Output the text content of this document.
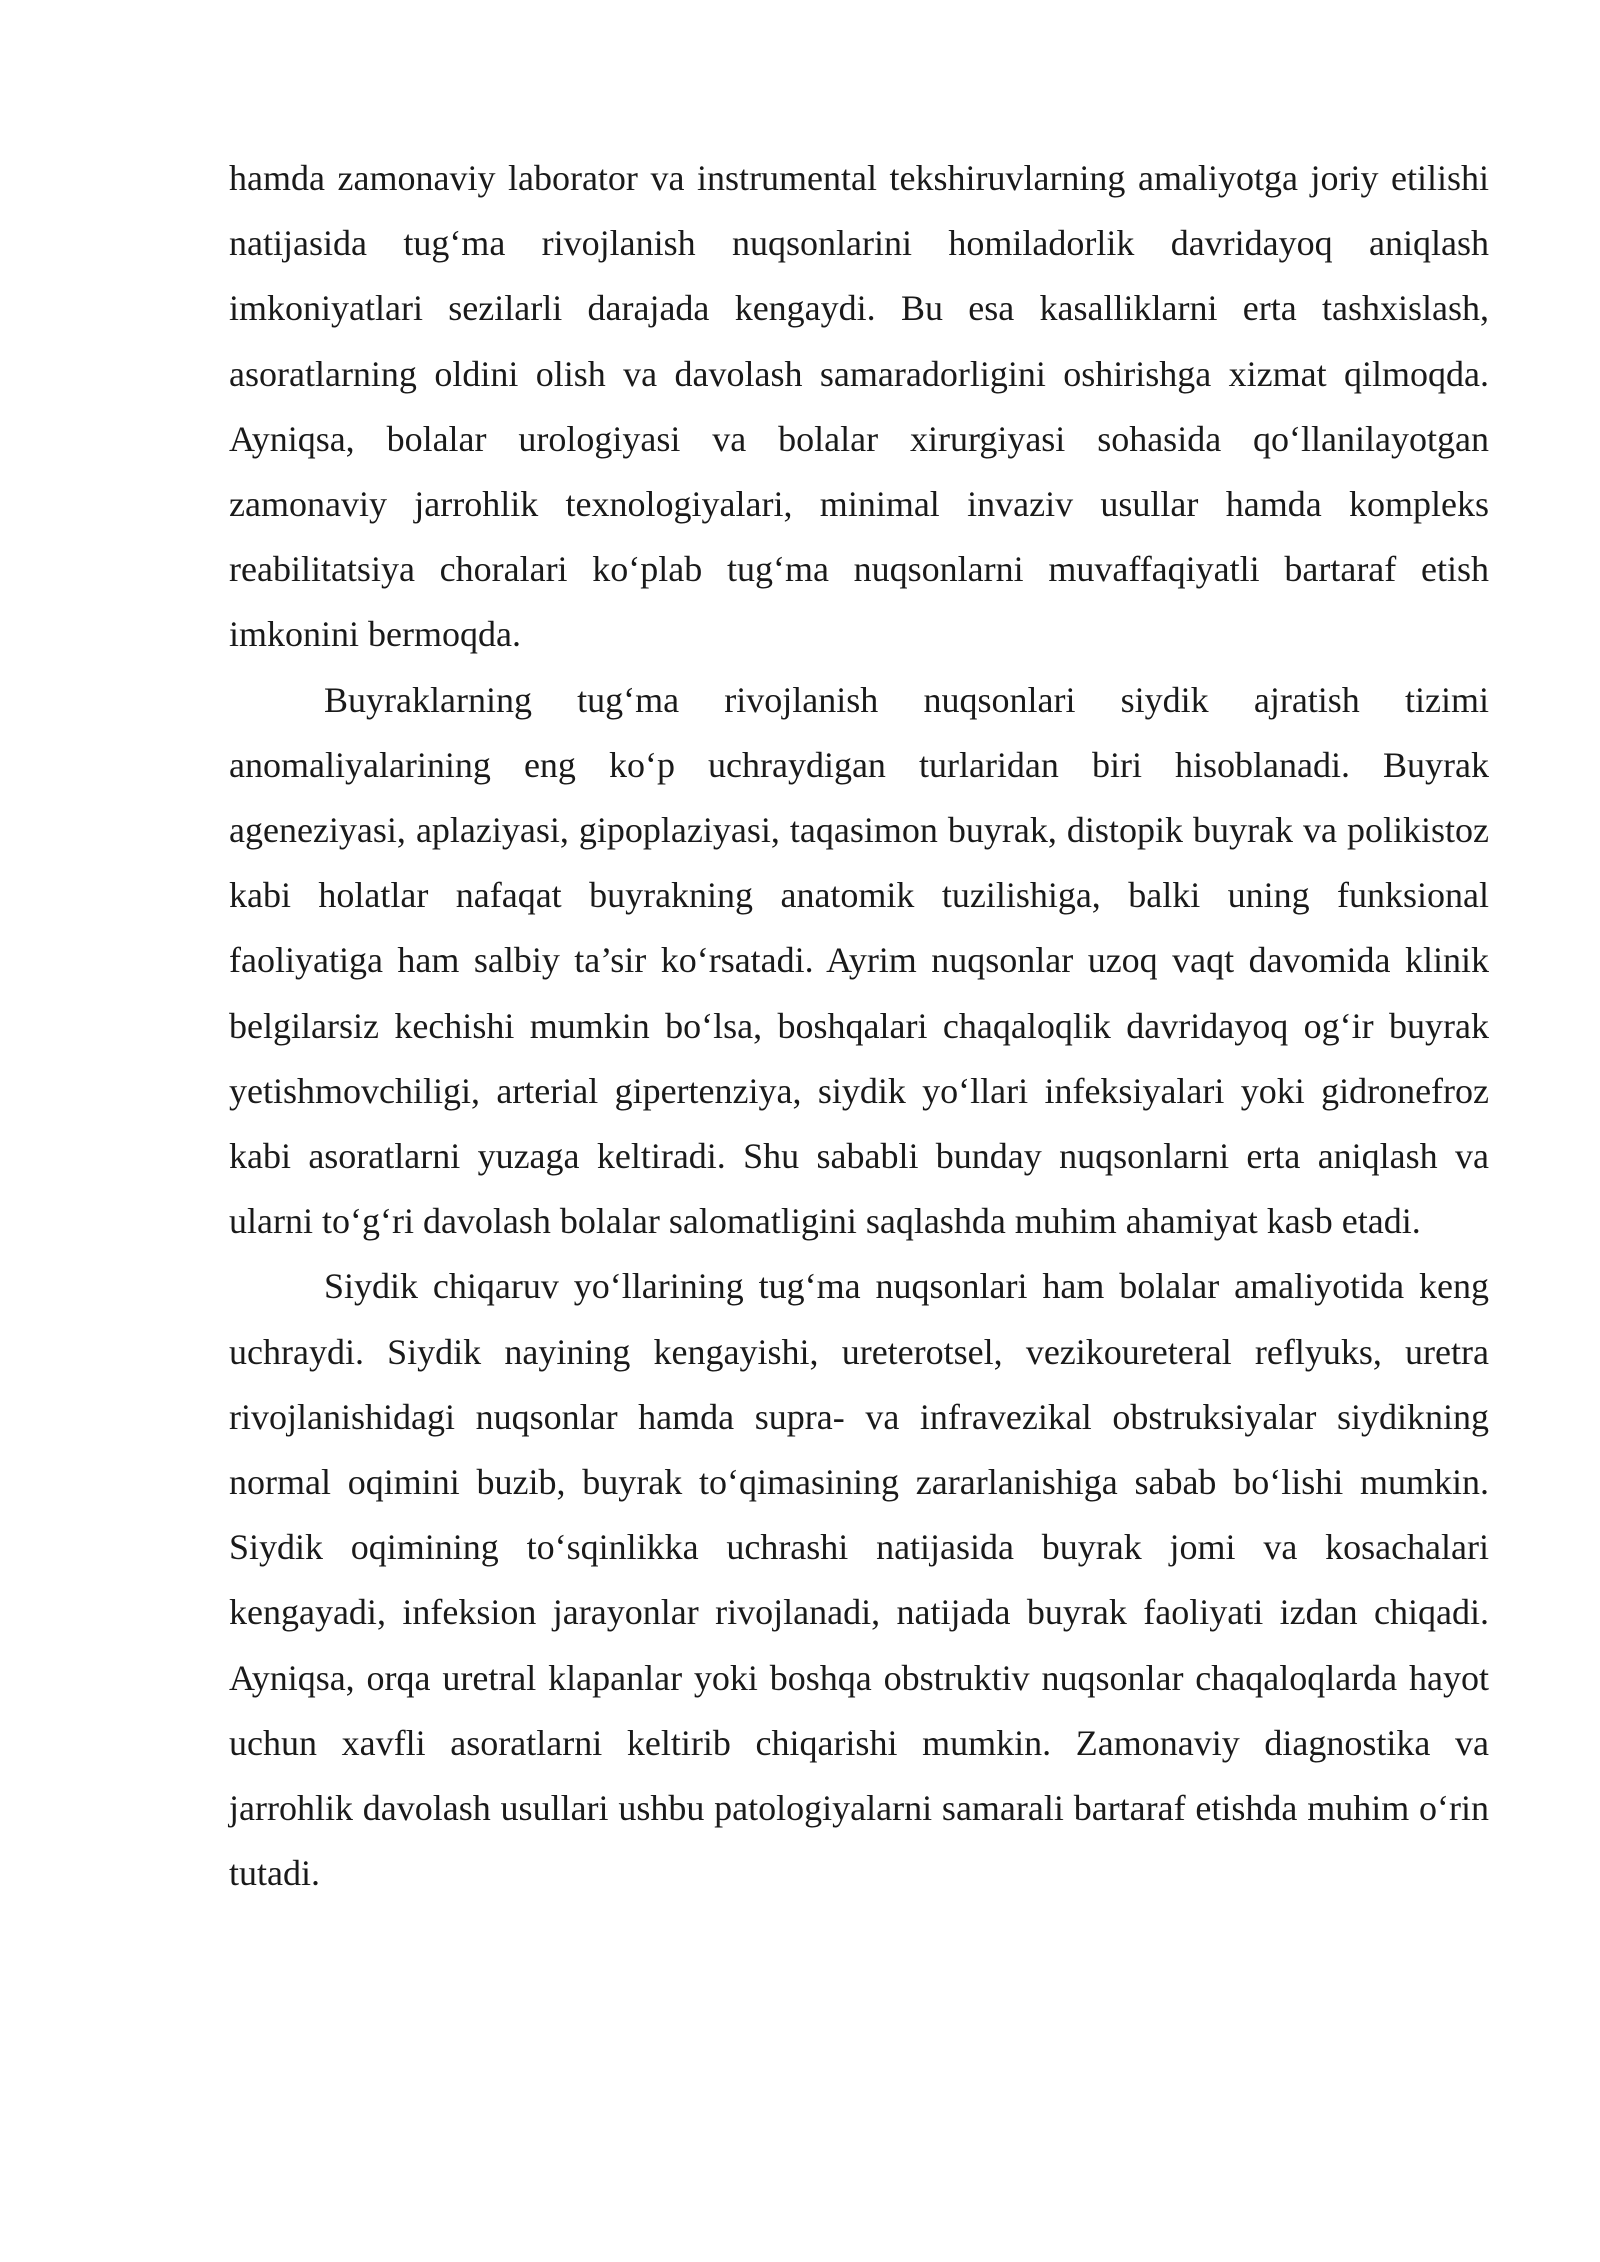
hamda zamonaviy laborator va instrumental tekshiruvlarning amaliyotga joriy etilishi natijasida tug‘ma rivojlanish nuqsonlarini homiladorlik davridayoq aniqlash imkoniyatlari sezilarli darajada kengaydi. Bu esa kasalliklarni erta tashxislash, asoratlarning oldini olish va davolash samaradorligini oshirishga xizmat qilmoqda. Ayniqsa, bolalar urologiyasi va bolalar xirurgiyasi sohasida qo‘llanilayotgan zamonaviy jarrohlik texnologiyalari, minimal invaziv usullar hamda kompleks reabilitatsiya choralari ko‘plab tug‘ma nuqsonlarni muvaffaqiyatli bartaraf etish imkonini bermoqda.

Buyraklarning tug‘ma rivojlanish nuqsonlari siydik ajratish tizimi anomaliyalarining eng ko‘p uchraydigan turlaridan biri hisoblanadi. Buyrak ageneziyasi, aplaziyasi, gipoplaziyasi, taqasimon buyrak, distopik buyrak va polikistoz kabi holatlar nafaqat buyrakning anatomik tuzilishiga, balki uning funksional faoliyatiga ham salbiy ta’sir ko‘rsatadi. Ayrim nuqsonlar uzoq vaqt davomida klinik belgilarsiz kechishi mumkin bo‘lsa, boshqalari chaqaloqlik davridayoq og‘ir buyrak yetishmovchiligi, arterial gipertenziya, siydik yo‘llari infeksiyalari yoki gidronefroz kabi asoratlarni yuzaga keltiradi. Shu sababli bunday nuqsonlarni erta aniqlash va ularni to‘g‘ri davolash bolalar salomatligini saqlashda muhim ahamiyat kasb etadi.

Siydik chiqaruv yo‘llarining tug‘ma nuqsonlari ham bolalar amaliyotida keng uchraydi. Siydik nayining kengayishi, ureterotsel, vezikoureteral reflyuks, uretra rivojlanishidagi nuqsonlar hamda supra- va infravezikal obstruksiyalar siydikning normal oqimini buzib, buyrak to‘qimasining zararlanishiga sabab bo‘lishi mumkin. Siydik oqimining to‘sqinlikka uchrashi natijasida buyrak jomi va kosachalari kengayadi, infeksion jarayonlar rivojlanadi, natijada buyrak faoliyati izdan chiqadi. Ayniqsa, orqa uretral klapanlar yoki boshqa obstruktiv nuqsonlar chaqaloqlarda hayot uchun xavfli asoratlarni keltirib chiqarishi mumkin. Zamonaviy diagnostika va jarrohlik davolash usullari ushbu patologiyalarni samarali bartaraf etishda muhim o‘rin tutadi.
